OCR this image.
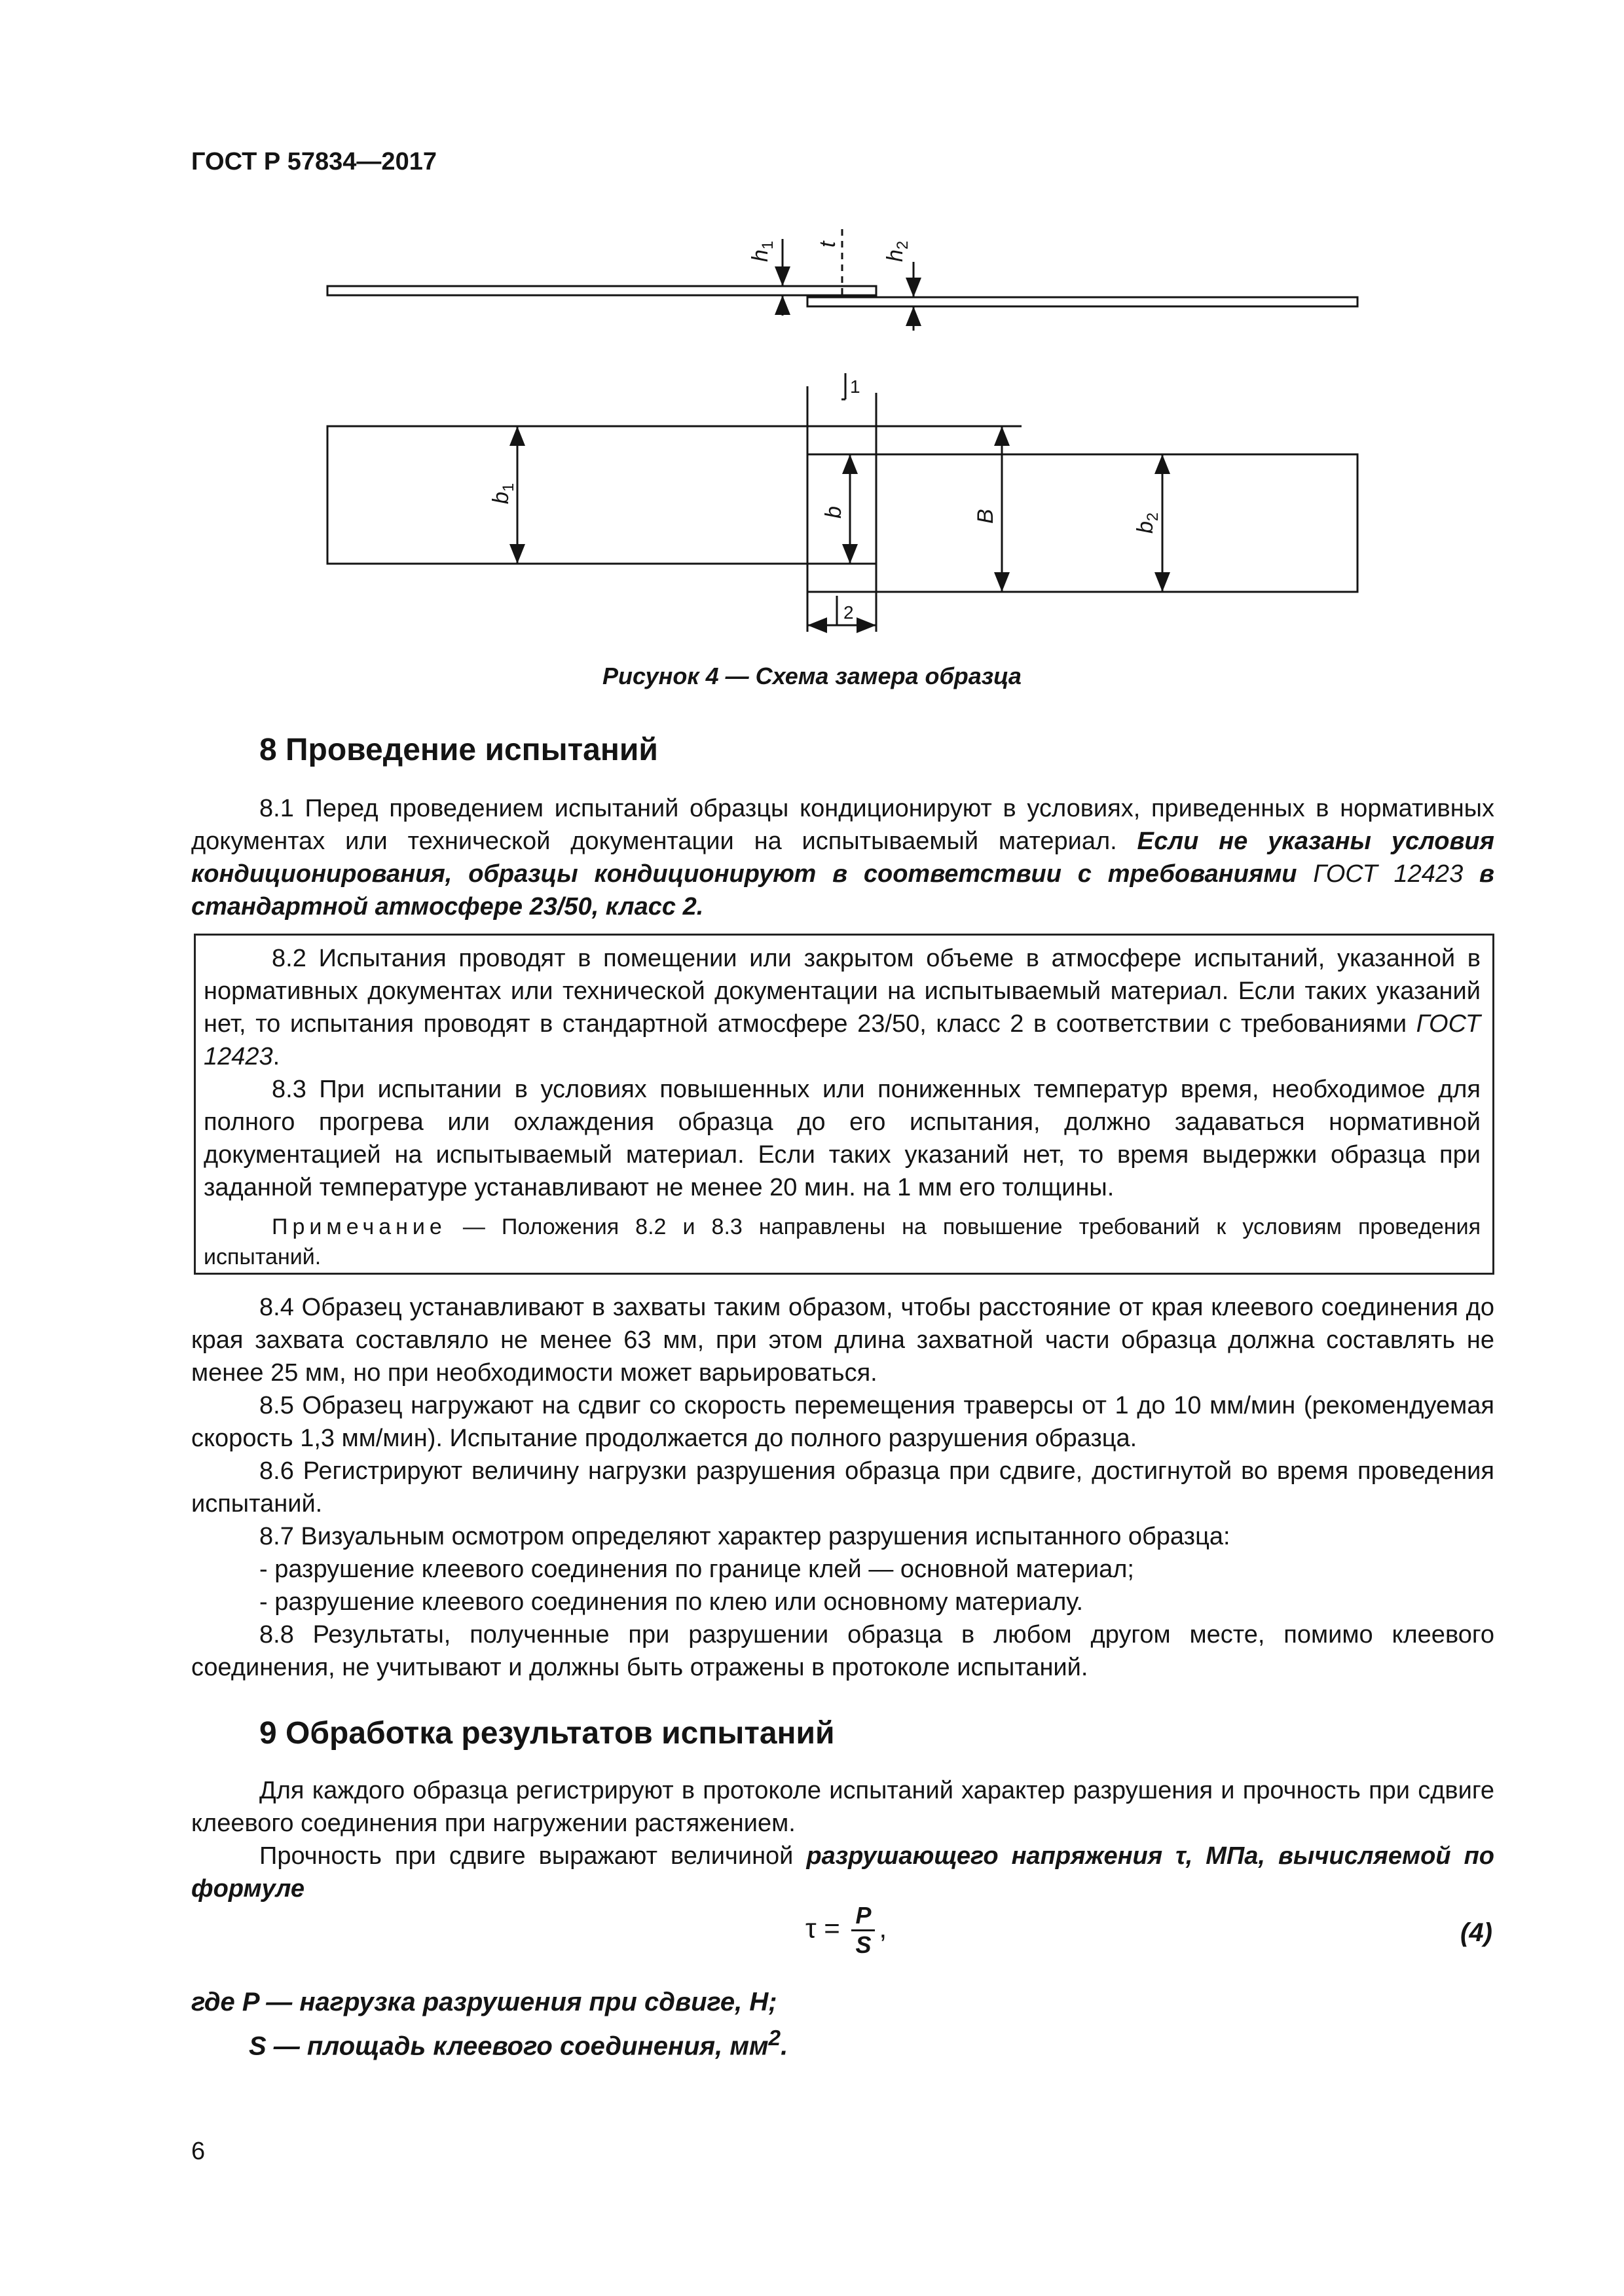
ГОСТ Р 57834—2017
$h_1$ t
$h_2$
1
$b_1$
b	B
$b_2$
2
Рисунок 4 — Схема замера образца
8 Проведение испытаний

8.1 Перед проведением испытаний образцы кондиционируют в условиях, приведенных в нормативных документах или технической документации на испытываемый материал. Если не указаны условия кондиционирования, образцы кондиционируют в соответствии с требованиями ГОСТ 12423 в стандартной атмосфере 23/50, класс 2.

8.2 Испытания проводят в помещении или закрытом объеме в атмосфере испытаний, указанной в нормативных документах или технической документации на испытываемый материал. Если таких указаний нет, то испытания проводят в стандартной атмосфере 23/50, класс 2 в соответствии с требованиями ГОСТ 12423.

8.3 При испытании в условиях повышенных или пониженных температур время, необходимое для полного прогрева или охлаждения образца до его испытания, должно задаваться нормативной документацией на испытываемый материал. Если таких указаний нет, то время выдержки образца при заданной температуре устанавливают не менее 20 мин. на 1 мм его толщины.

Примечание — Положения 8.2 и 8.3 направлены на повышение требований к условиям проведения испытаний.

8.4 Образец устанавливают в захваты таким образом, чтобы расстояние от края клеевого соединения до края захвата составляло не менее 63 мм, при этом длина захватной части образца должна составлять не менее 25 мм, но при необходимости может варьироваться.

8.5 Образец нагружают на сдвиг со скорость перемещения траверсы от 1 до 10 мм/мин (рекомендуемая скорость 1,3 мм/мин). Испытание продолжается до полного разрушения образца.

8.6 Регистрируют величину нагрузки разрушения образца при сдвиге, достигнутой во время проведения испытаний.

8.7 Визуальным осмотром определяют характер разрушения испытанного образца:

- разрушение клеевого соединения по границе клей — основной материал;

- разрушение клеевого соединения по клею или основному материалу.

8.8 Результаты, полученные при разрушении образца в любом другом месте, помимо клеевого соединения, не учитывают и должны быть отражены в протоколе испытаний.

9 Обработка результатов испытаний

Для каждого образца регистрируют в протоколе испытаний характер разрушения и прочность при сдвиге клеевого соединения при нагружении растяжением.

Прочность при сдвиге выражают величиной разрушающего напряжения τ, МПа, вычисляемой по формуле

$\tau = \frac{P}{S}$ ,	(4)
где P — нагрузка разрушения при сдвиге, Н;
S — площадь клеевого соединения, $мм^2$.
6
